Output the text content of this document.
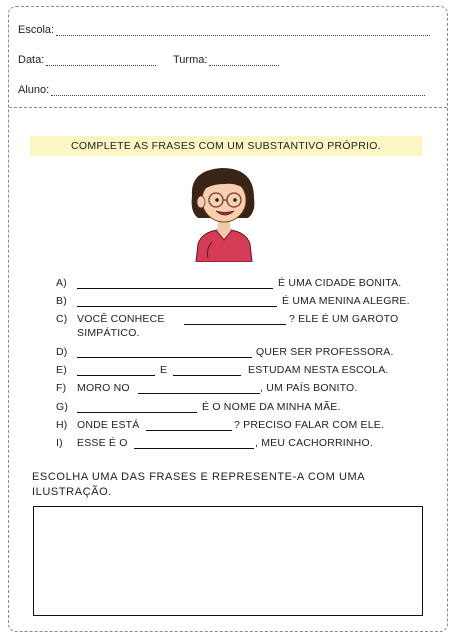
Escola:
Data:	Turma:
Aluno:
COMPLETE AS FRASES COM UM SUBSTANTIVO PRÓPRIO.
A)	É UMA CIDADE BONITA.
B)	É UMA MENINA ALEGRE.
C) VOCÊ CONHECE	? ELE É UM GAROTO
SIMPÁTICO.
D)	QUER SER PROFESSORA.
E)	E	ESTUDAM NESTA ESCOLA.
F) MORO NO	, UM PAÍS BONITO.
G)	É O NOME DA MINHA MÃE.
H) ONDE ESTÁ	? PRECISO FALAR COM ELE.
I) ESSE É O	, MEU CACHORRINHO.
ESCOLHA UMA DAS FRASES E REPRESENTE-A COM UMA ILUSTRAÇÃO.
